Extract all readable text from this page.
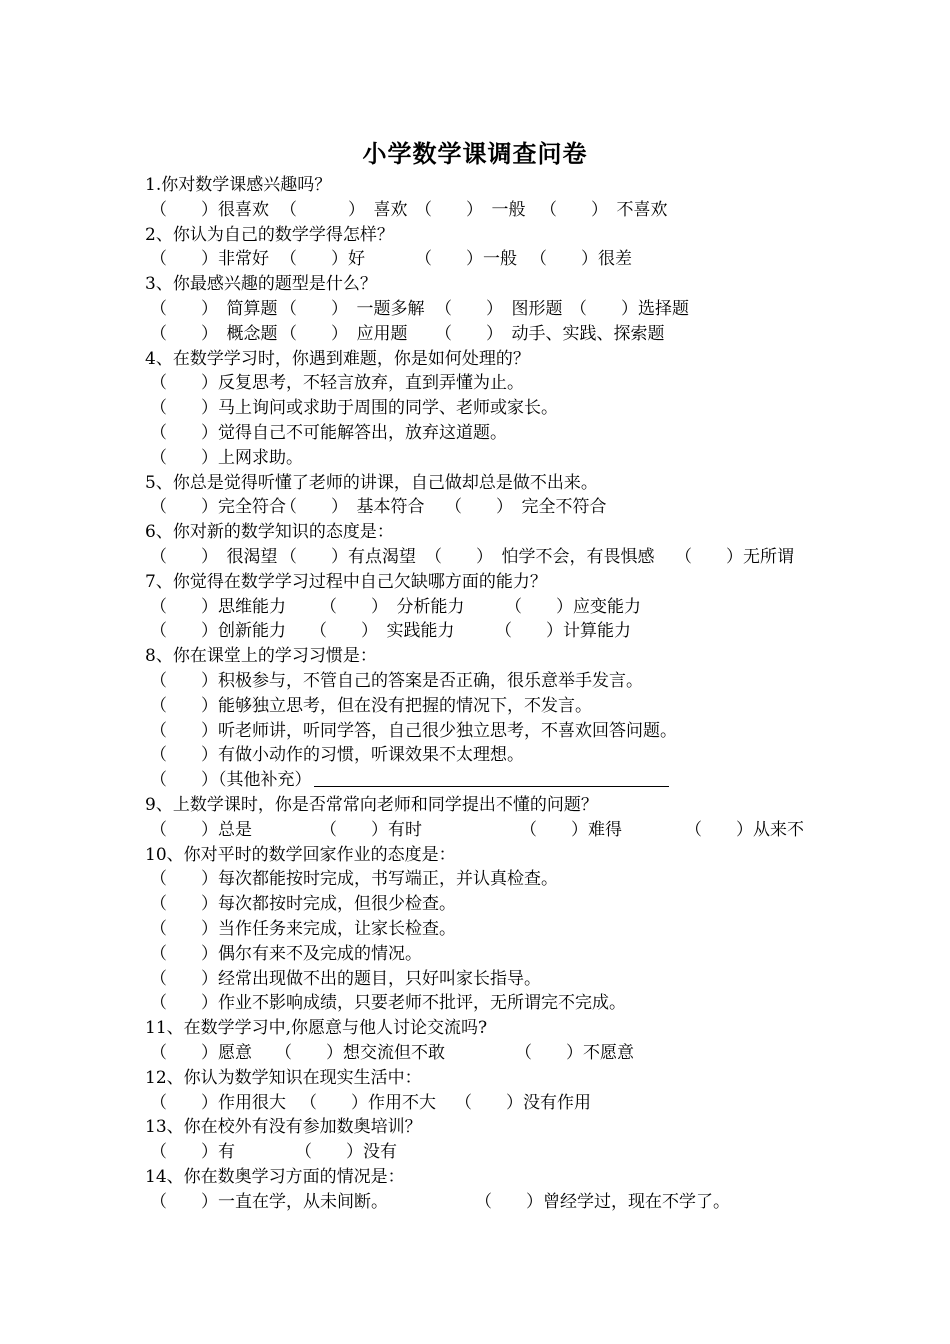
小学数学课调查问卷
1.你对数学课感兴趣吗？
（　　）很喜欢 （　　　）　喜欢 （　　）　一般 （　　）　不喜欢
2、你认为自己的数学学得怎样？
（　　）非常好 （　　）好	（　　）一般 （　　）很差
3、你最感兴趣的题型是什么？
（　　）　简算题 （　　）　一题多解 （　　）　图形题 （　　）选择题
（　　）　概念题 （　　）　应用题 （　　）　动手、实践、探索题
4、在数学学习时，你遇到难题，你是如何处理的？
（　　）反复思考，不轻言放弃，直到弄懂为止。
（　　）马上询问或求助于周围的同学、老师或家长。
（　　）觉得自己不可能解答出，放弃这道题。
（　　）上网求助。
5、你总是觉得听懂了老师的讲课，自己做却总是做不出来。
（　　）完全符合
（　　）　基本符合 （　　）　完全不符合
6、你对新的数学知识的态度是：
（　　）　很渴望 （　　）有点渴望 （　　）　怕学不会，有畏惧感 （　　）无所谓
7、你觉得在数学学习过程中自己欠缺哪方面的能力？
（　　）思维能力 （　　）　分析能力 （　　）应变能力
（　　）创新能力 （　　）　实践能力 （　　）计算能力
8、你在课堂上的学习习惯是：
（　　）积极参与，不管自己的答案是否正确，很乐意举手发言。
（　　）能够独立思考，但在没有把握的情况下，不发言。
（　　）听老师讲，听同学答，自己很少独立思考，不喜欢回答问题。
（　　）有做小动作的习惯，听课效果不太理想。
（　　）（其他补充）
9、上数学课时，你是否常常向老师和同学提出不懂的问题？
（　　）总是	（　　）有时	（　　）难得	（　　）从来不
10、你对平时的数学回家作业的态度是：
（　　）每次都能按时完成，书写端正，并认真检查。
（　　）每次都按时完成，但很少检查。
（　　）当作任务来完成，让家长检查。
（　　）偶尔有来不及完成的情况。
（　　）经常出现做不出的题目，只好叫家长指导。
（　　）作业不影响成绩，只要老师不批评，无所谓完不完成。
11、在数学学习中,你愿意与他人讨论交流吗?
（　　）愿意 （　　）想交流但不敢	（　　）不愿意
12、你认为数学知识在现实生活中：
（　　）作用很大 （　　）作用不大 （　　）没有作用
13、你在校外有没有参加数奥培训？
（　　）有	（　　）没有
14、你在数奥学习方面的情况是：
（　　）一直在学，从未间断。	（　　）曾经学过，现在不学了。
